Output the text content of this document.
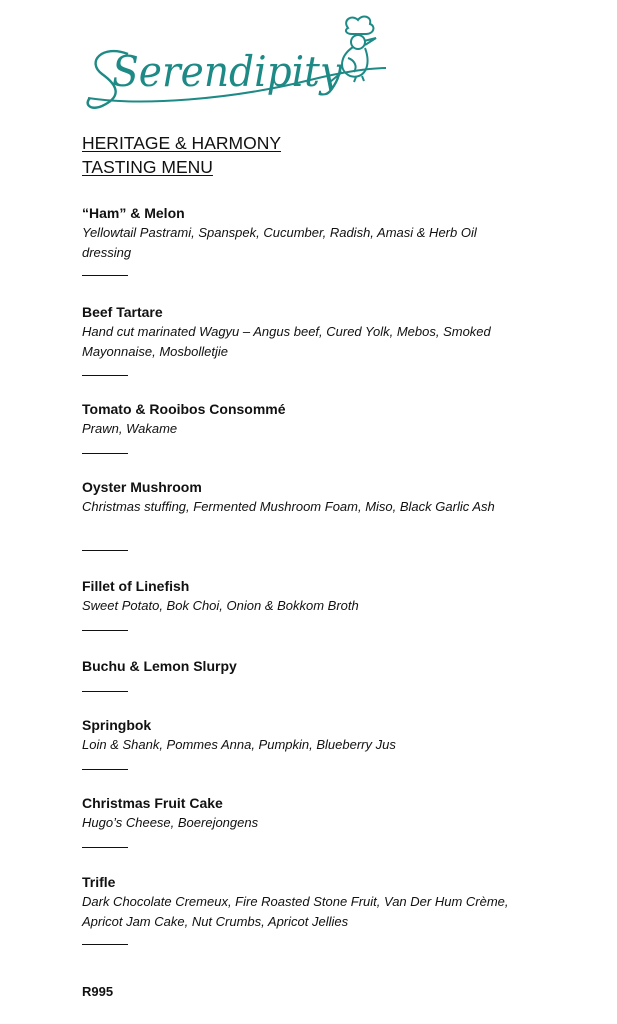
Serendipity
HERITAGE & HARMONY
TASTING MENU
“Ham” & Melon
Yellowtail Pastrami, Spanspek, Cucumber, Radish, Amasi & Herb Oil dressing
Beef Tartare
Hand cut marinated Wagyu – Angus beef, Cured Yolk, Mebos, Smoked Mayonnaise, Mosbolletjie
Tomato & Rooibos Consommé
Prawn, Wakame
Oyster Mushroom
Christmas stuffing, Fermented Mushroom Foam, Miso, Black Garlic Ash
Fillet of Linefish
Sweet Potato, Bok Choi, Onion & Bokkom Broth
Buchu & Lemon Slurpy
Springbok
Loin & Shank, Pommes Anna, Pumpkin, Blueberry Jus
Christmas Fruit Cake
Hugo’s Cheese, Boerejongens
Trifle
Dark Chocolate Cremeux, Fire Roasted Stone Fruit, Van Der Hum Crème, Apricot Jam Cake, Nut Crumbs, Apricot Jellies
R995
